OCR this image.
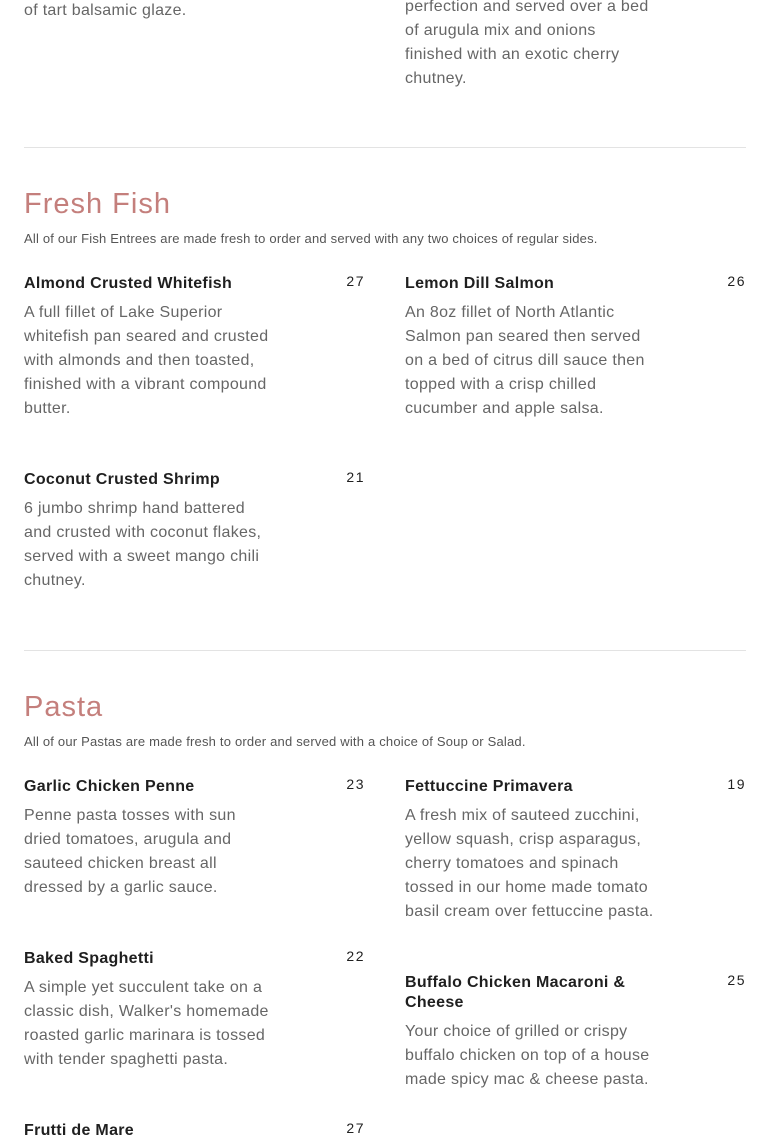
of tart balsamic glaze.	perfection and served over a bed of arugula mix and onions finished with an exotic cherry chutney.
Fresh Fish
All of our Fish Entrees are made fresh to order and served with any two choices of regular sides.
Almond Crusted Whitefish	27
A full fillet of Lake Superior whitefish pan seared and crusted with almonds and then toasted, finished with a vibrant compound butter.
Lemon Dill Salmon	26
An 8oz fillet of North Atlantic Salmon pan seared then served on a bed of citrus dill sauce then topped with a crisp chilled cucumber and apple salsa.
Coconut Crusted Shrimp	21
6 jumbo shrimp hand battered and crusted with coconut flakes, served with a sweet mango chili chutney.
Pasta
All of our Pastas are made fresh to order and served with a choice of Soup or Salad.
Garlic Chicken Penne	23
Penne pasta tosses with sun dried tomatoes, arugula and sauteed chicken breast all dressed by a garlic sauce.
Fettuccine Primavera	19
A fresh mix of sauteed zucchini, yellow squash, crisp asparagus, cherry tomatoes and spinach tossed in our home made tomato basil cream over fettuccine pasta.
Baked Spaghetti	22
A simple yet succulent take on a classic dish, Walker's homemade roasted garlic marinara is tossed with tender spaghetti pasta.
Buffalo Chicken Macaroni & Cheese
25
Your choice of grilled or crispy buffalo chicken on top of a house made spicy mac & cheese pasta.
Frutti de Mare	27
